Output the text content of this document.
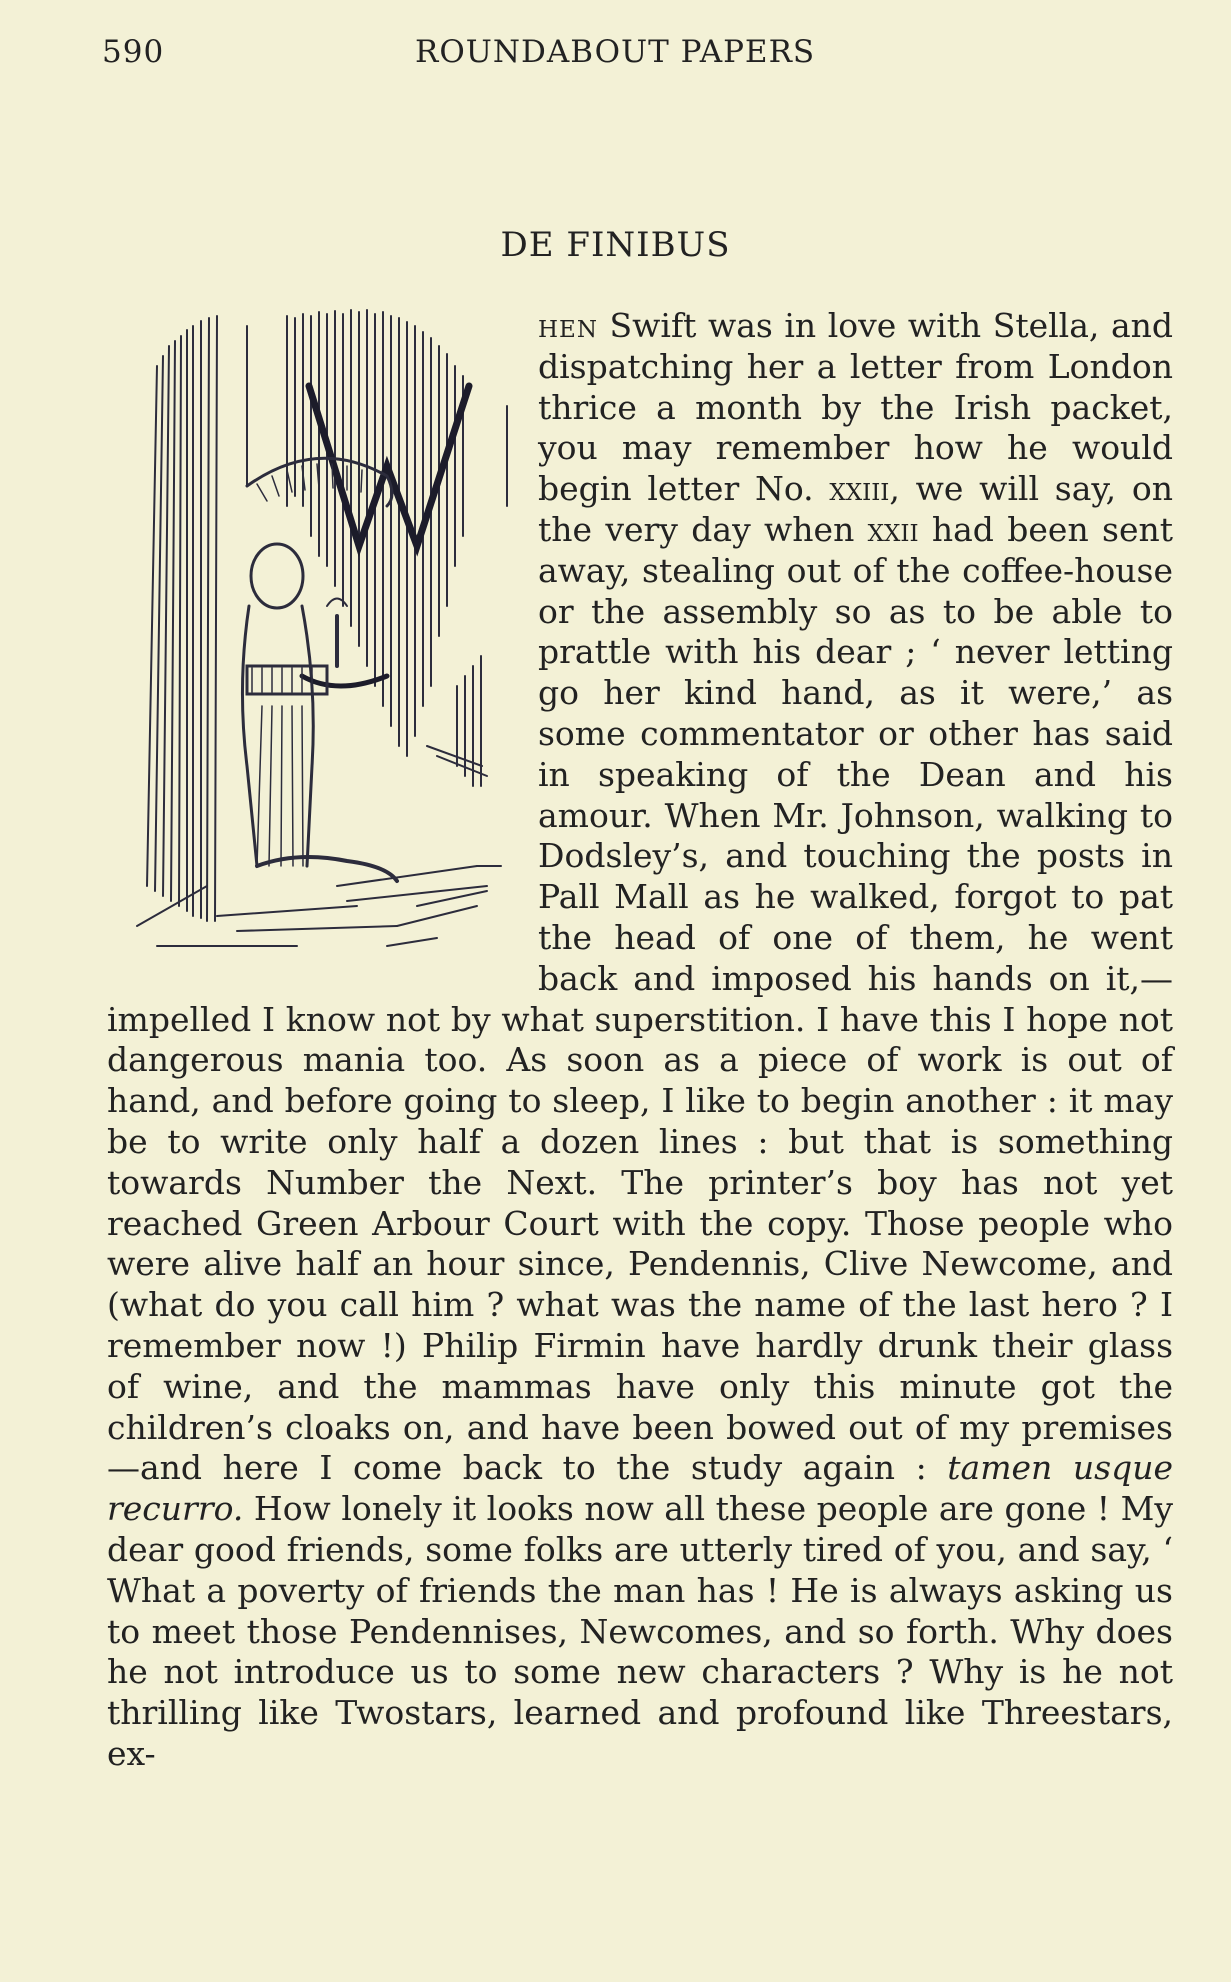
590	ROUNDABOUT PAPERS
DE FINIBUS

hen Swift was in love with Stella, and dispatching her a letter from London thrice a month by the Irish packet, you may remember how he would begin letter No. xxiii, we will say, on the very day when xxii had been sent away, stealing out of the coffee-house or the assembly so as to be able to prattle with his dear ; ‘ never letting go her kind hand, as it were,’ as some commentator or other has said in speaking of the Dean and his amour. When Mr. Johnson, walking to Dodsley’s, and touching the posts in Pall Mall as he walked, forgot to pat the head of one of them, he went back and imposed his hands on it,—impelled I know not by what superstition. I have this I hope not dangerous mania too. As soon as a piece of work is out of hand, and before going to sleep, I like to begin another : it may be to write only half a dozen lines : but that is something towards Number the Next. The printer’s boy has not yet reached Green Arbour Court with the copy. Those people who were alive half an hour since, Pendennis, Clive Newcome, and (what do you call him ? what was the name of the last hero ? I remember now !) Philip Firmin have hardly drunk their glass of wine, and the mammas have only this minute got the children’s cloaks on, and have been bowed out of my premises—and here I come back to the study again : tamen usque recurro. How lonely it looks now all these people are gone ! My dear good friends, some folks are utterly tired of you, and say, ‘ What a poverty of friends the man has ! He is always asking us to meet those Pendennises, Newcomes, and so forth. Why does he not introduce us to some new characters ? Why is he not thrilling like Twostars, learned and profound like Threestars, ex-
